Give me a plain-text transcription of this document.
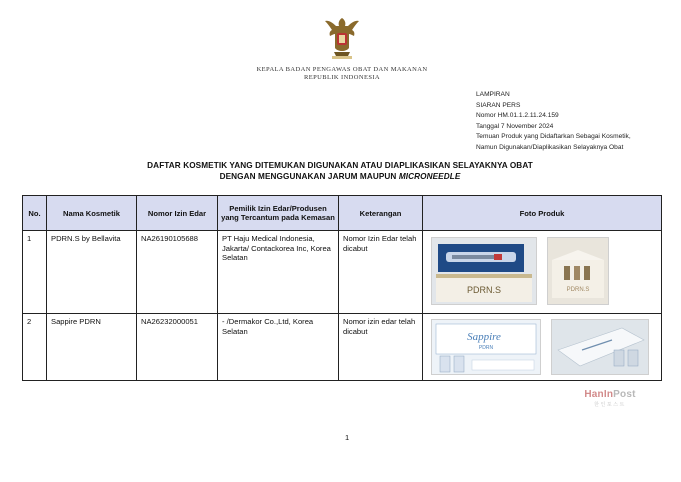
KEPALA BADAN PENGAWAS OBAT DAN MAKANAN
REPUBLIK INDONESIA
LAMPIRAN
SIARAN PERS
Nomor HM.01.1.2.11.24.159
Tanggal 7 November 2024
Temuan Produk yang Didaftarkan Sebagai Kosmetik,
Namun Digunakan/Diaplikasikan Selayaknya Obat
DAFTAR KOSMETIK YANG DITEMUKAN DIGUNAKAN ATAU DIAPLIKASIKAN SELAYAKNYA OBAT
DENGAN MENGGUNAKAN JARUM MAUPUN MICRONEEDLE
No.	Nama Kosmetik	Nomor Izin Edar	Pemilik Izin Edar/Produsen yang Tercantum pada Kemasan	Keterangan	Foto Produk
1	PDRN.S by Bellavita	NA26190105688	PT Haju Medical Indonesia, Jakarta/ Contackorea Inc, Korea Selatan	Nomor Izin Edar telah dicabut	PDRN.S PDRN.S

2	Sappire PDRN	NA26232000051	- /Dermakor Co.,Ltd, Korea Selatan	Nomor izin edar telah dicabut	Sappire
PDRN
HanInPost
한인포스트
1
